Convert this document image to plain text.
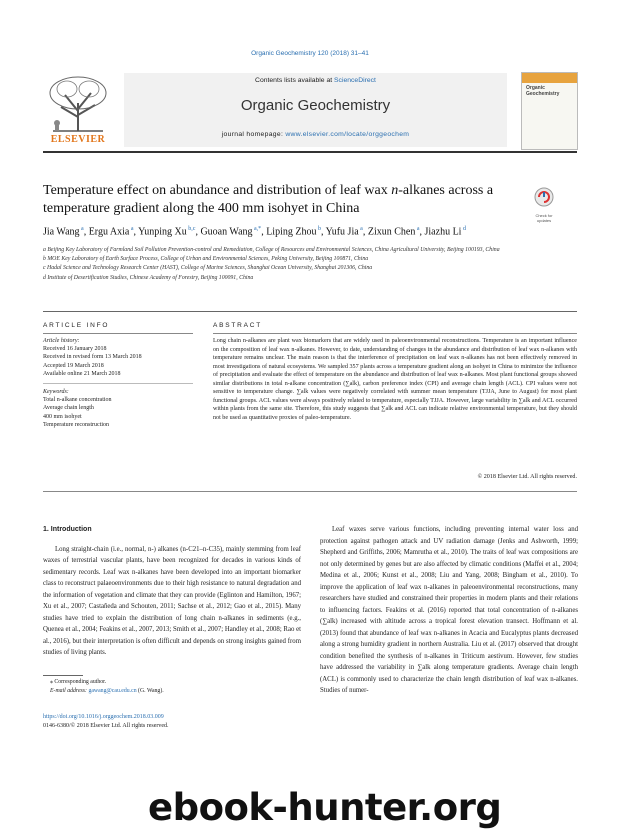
Organic Geochemistry 120 (2018) 31–41
ELSEVIER
Contents lists available at ScienceDirect
Organic Geochemistry
journal homepage: www.elsevier.com/locate/orggeochem
Organic Geochemistry
Temperature effect on abundance and distribution of leaf wax n-alkanes across a temperature gradient along the 400 mm isohyet in China	Check for updates
Jia Wang $^a$, Ergu Axia $^a$, Yunping Xu $^{b,c}$, Guoan Wang $^{a,*}$, Liping Zhou $^b$, Yufu Jia $^a$, Zixun Chen $^a$, Jiazhu Li $^d$
a Beijing Key Laboratory of Farmland Soil Pollution Prevention-control and Remediation, College of Resources and Environmental Sciences, China Agricultural University, Beijing 100193, China
b MOE Key Laboratory of Earth Surface Process, College of Urban and Environmental Sciences, Peking University, Beijing 100871, China
c Hadal Science and Technology Research Center (HAST), College of Marine Sciences, Shanghai Ocean University, Shanghai 201306, China
d Institute of Desertification Studies, Chinese Academy of Forestry, Beijing 100091, China
ARTICLE INFO
Article history:
Received 16 January 2018
Received in revised form 13 March 2018
Accepted 19 March 2018
Available online 21 March 2018
Keywords:
Total n-alkane concentration
Average chain length
400 mm isohyet
Temperature reconstruction
ABSTRACT
Long chain n-alkanes are plant wax biomarkers that are widely used in paleoenvironmental reconstructions. Temperature is an important influence on the composition of leaf wax n-alkanes. However, to date, understanding of changes in the abundance and distribution of leaf wax n-alkanes with temperature remains unclear. The main reason is that the interference of precipitation on leaf wax n-alkanes has not been effectively removed in most investigations of natural ecosystems. We sampled 357 plants across a temperature gradient along an isohyet in China to minimize the influence of precipitation and evaluate the effect of temperature on the abundance and distribution of leaf wax n-alkanes. Most plant functional groups showed similar distributions in total n-alkane concentration (∑alk), carbon preference index (CPI) and average chain length (ACL). CPI values were not sensitive to temperature change. ∑alk values were negatively correlated with summer mean temperature (TJJA, June to August) for most plant functional groups. ACL values were always positively related to temperature, especially TJJA. However, large variability in ∑alk and ACL occurred within plants from the same site. Therefore, this study suggests that ∑alk and ACL can indicate relative environmental temperature, but they should not be used as quantitative proxies of paleo-temperature.
© 2018 Elsevier Ltd. All rights reserved.
1. Introduction

Long straight-chain (i.e., normal, n-) alkanes (n-C21–n-C35), mainly stemming from leaf waxes of terrestrial vascular plants, have been recognized for decades in various kinds of sedimentary records. Leaf wax n-alkanes have been developed into an important biomarker class to reconstruct palaeoenvironments due to their high resistance to natural degradation and the information of vegetation and climate that they can provide (Eglinton and Hamilton, 1967; Xu et al., 2007; Castañeda and Schouten, 2011; Sachse et al., 2012; Gao et al., 2015). Many studies have tried to explain the distribution of long chain n-alkanes in sediments (e.g., Quenea et al., 2004; Feakins et al., 2007, 2013; Smith et al., 2007; Handley et al., 2008; Rao et al., 2016), but their interpretation is often difficult and depends on strong insights gained from studies of living plants.

Leaf waxes serve various functions, including preventing internal water loss and protection against pathogen attack and UV radiation damage (Jenks and Ashworth, 1999; Shepherd and Griffiths, 2006; Mamrutha et al., 2010). The traits of leaf wax compositions are not only determined by genes but are also affected by climatic conditions (Maffei et al., 2004; Medina et al., 2006; Kunst et al., 2008; Liu and Yang, 2008; Bingham et al., 2010). To improve the application of leaf wax n-alkanes in paleoenvironmental reconstructions, many researchers have studied and constrained their properties in modern plants and their relations to influencing factors. Feakins et al. (2016) reported that total concentration of n-alkanes (∑alk) increased with altitude across a tropical forest elevation transect. Hoffmann et al. (2013) found that abundance of leaf wax n-alkanes in Acacia and Eucalyptus plants decreased along a strong humidity gradient in northern Australia. Liu et al. (2017) observed that drought condition benefited the synthesis of n-alkanes in Triticum aestivum. However, few studies have addressed the variability in ∑alk along temperature gradients. Average chain length (ACL) is commonly used to characterize the chain length distribution of leaf wax n-alkanes. Studies of numer-

⁎ Corresponding author.
E-mail address: gawang@cau.edu.cn (G. Wang).
https://doi.org/10.1016/j.orggeochem.2018.03.009
0146-6380/© 2018 Elsevier Ltd. All rights reserved.
ebook-hunter.org
